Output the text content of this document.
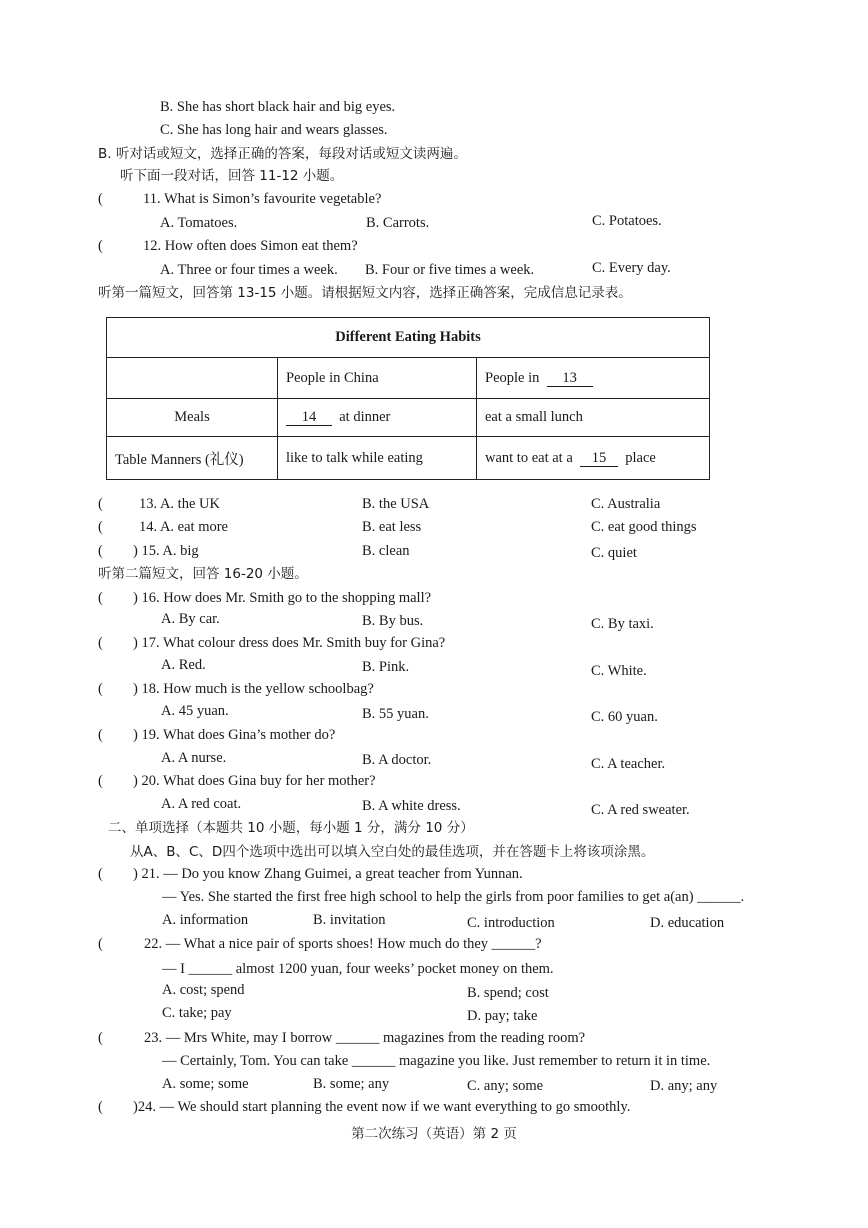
B. She has short black hair and big eyes.
C. She has long hair and wears glasses.
B. 听对话或短文，选择正确的答案，每段对话或短文读两遍。
听下面一段对话，回答 11-12 小题。
(	11. What is Simon’s favourite vegetable?
A. Tomatoes.	B. Carrots.	C. Potatoes.
(	12. How often does Simon eat them?
A. Three or four times a week. B. Four or five times a week.	C. Every day.
听第一篇短文，回答第 13-15 小题。请根据短文内容，选择正确答案，完成信息记录表。
Different Eating Habits		
	People in China	People in 13
Meals	14 at dinner	eat a small lunch
Table Manners (礼仪)	like to talk while eating	want to eat at a 15 place
( 13. A. the UK	B. the USA	C. Australia
( 14. A. eat more	B. eat less	C. eat good things
( ) 15. A. big	B. clean	C. quiet
听第二篇短文，回答 16-20 小题。
( ) 16. How does Mr. Smith go to the shopping mall?
A. By car.	B. By bus.	C. By taxi.
( ) 17. What colour dress does Mr. Smith buy for Gina?
A. Red.	B. Pink.	C. White.
( ) 18. How much is the yellow schoolbag?
A. 45 yuan.	B. 55 yuan.	C. 60 yuan.
( ) 19. What does Gina’s mother do?
A. A nurse.	B. A doctor.	C. A teacher.
( ) 20. What does Gina buy for her mother?
A. A red coat.	B. A white dress.	C. A red sweater.
二、单项选择（本题共 10 小题，每小题 1 分，满分 10 分）
从A、B、C、D四个选项中选出可以填入空白处的最佳选项，并在答题卡上将该项涂黑。
( ) 21. — Do you know Zhang Guimei, a great teacher from Yunnan.
— Yes. She started the first free high school to help the girls from poor families to get a(an) ______.
A. information	B. invitation	C. introduction	D. education
(	22. — What a nice pair of sports shoes! How much do they ______?
— I ______ almost 1200 yuan, four weeks’ pocket money on them.
A. cost; spend	B. spend; cost
C. take; pay	D. pay; take
(	23. — Mrs White, may I borrow ______ magazines from the reading room?
— Certainly, Tom. You can take ______ magazine you like. Just remember to return it in time.
A. some; some	B. some; any	C. any; some	D. any; any
( )24. — We should start planning the event now if we want everything to go smoothly.
第二次练习（英语）第 2 页
